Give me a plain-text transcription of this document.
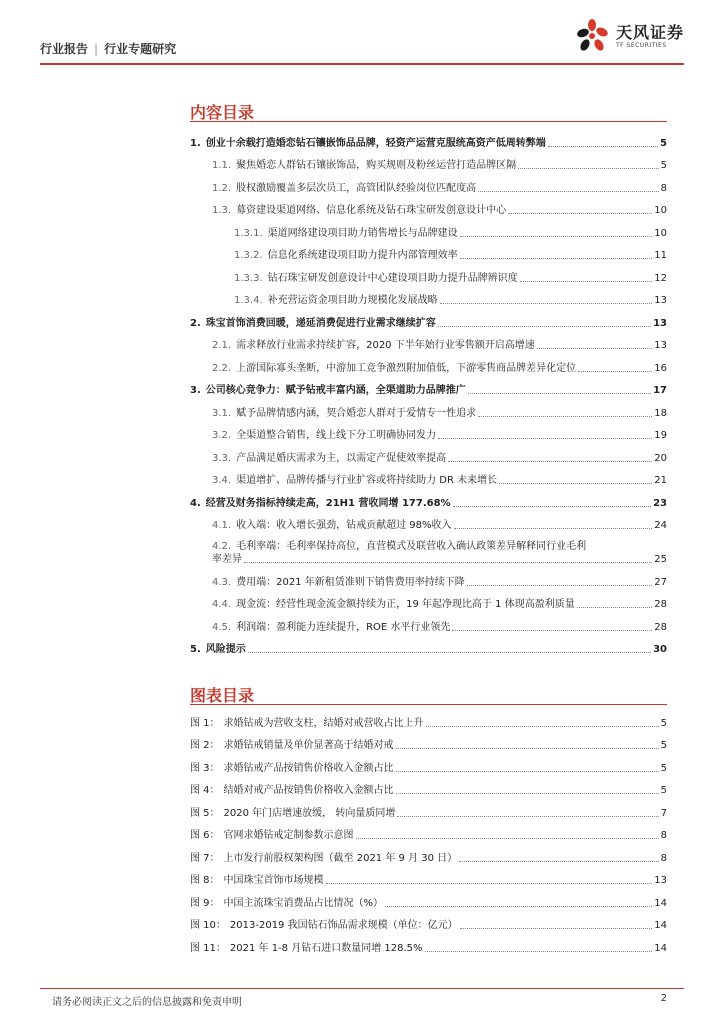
行业报告 | 行业专题研究
天风证券
TF SECURITIES
内容目录
1. 创业十余载打造婚恋钻石镶嵌饰品品牌，轻资产运营克服统高资产低周转弊端	5
1.1. 聚焦婚恋人群钻石镶嵌饰品，购买规则及粉丝运营打造品牌区隔	5
1.2. 股权激励覆盖多层次员工，高管团队经验岗位匹配度高	8
1.3. 募资建设渠道网络、信息化系统及钻石珠宝研发创意设计中心	10
1.3.1. 渠道网络建设项目助力销售增长与品牌建设	10
1.3.2. 信息化系统建设项目助力提升内部管理效率	11
1.3.3. 钻石珠宝研发创意设计中心建设项目助力提升品牌辨识度	12
1.3.4. 补充营运资金项目助力规模化发展战略	13
2. 珠宝首饰消费回暖，递延消费促进行业需求继续扩容	13
2.1. 需求释放行业需求持续扩容，2020 下半年始行业零售额开启高增速	13
2.2. 上游国际寡头垄断，中游加工竞争激烈附加值低，下游零售商品牌差异化定位	16
3. 公司核心竞争力：赋予钻戒丰富内涵，全渠道助力品牌推广	17
3.1. 赋予品牌情感内涵，契合婚恋人群对于爱情专一性追求	18
3.2. 全渠道整合销售，线上线下分工明确协同发力	19
3.3. 产品满足婚庆需求为主，以需定产促使效率提高	20
3.4. 渠道增扩、品牌传播与行业扩容或将持续助力 DR 未来增长	21
4. 经营及财务指标持续走高，21H1 营收同增 177.68%	23
4.1. 收入端：收入增长强劲，钻戒贡献超过 98%收入	24
4.2. 毛利率端：毛利率保持高位，直营模式及联营收入确认政策差异解释同行业毛利
率差异	25
4.3. 费用端：2021 年新租赁准则下销售费用率持续下降	27
4.4. 现金流：经营性现金流金额持续为正，19 年起净现比高于 1 体现高盈利质量	28
4.5. 利润端：盈利能力连续提升，ROE 水平行业领先	28
5. 风险提示	30
图表目录
图 1： 求婚钻戒为营收支柱，结婚对戒营收占比上升	5
图 2： 求婚钻戒销量及单价显著高于结婚对戒	5
图 3： 求婚钻戒产品按销售价格收入金额占比	5
图 4： 结婚对戒产品按销售价格收入金额占比	5
图 5： 2020 年门店增速放缓， 转向量质同增	7
图 6： 官网求婚钻戒定制参数示意图	8
图 7： 上市发行前股权架构图（截至 2021 年 9 月 30 日）	8
图 8： 中国珠宝首饰市场规模	13
图 9： 中国主流珠宝消费品占比情况（%）	14
图 10： 2013-2019 我国钻石饰品需求规模（单位：亿元）	14
图 11： 2021 年 1-8 月钻石进口数量同增 128.5%	14
请务必阅读正文之后的信息披露和免责申明	2
